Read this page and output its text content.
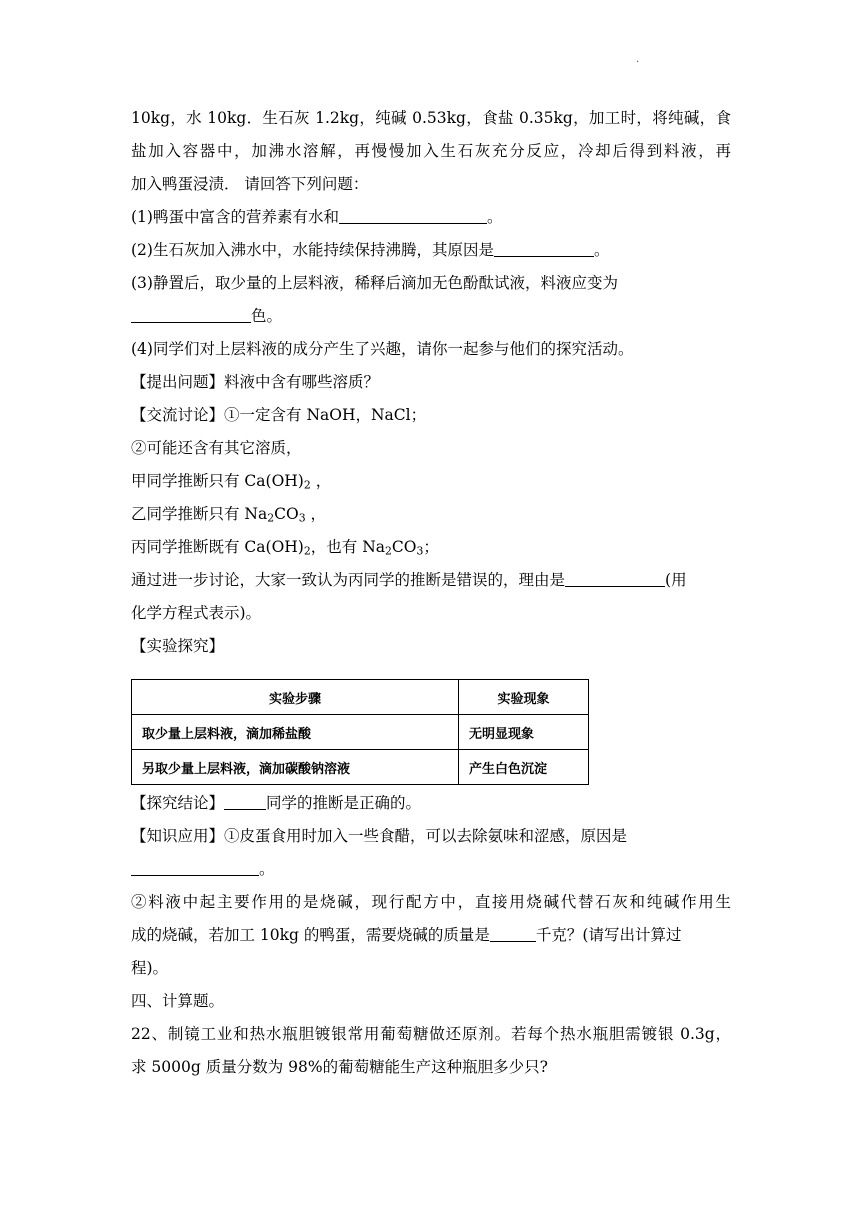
·

10kg，水 10kg．生石灰 1.2kg，纯碱 0.53kg，食盐 0.35kg，加工时，将纯碱，食

盐加入容器中，加沸水溶解，再慢慢加入生石灰充分反应，冷却后得到料液，再

加入鸭蛋浸渍． 请回答下列问题：

(1)鸭蛋中富含的营养素有水和	。

(2)生石灰加入沸水中，水能持续保持沸腾，其原因是	。

(3)静置后，取少量的上层料液，稀释后滴加无色酚酞试液，料液应变为

色。

(4)同学们对上层料液的成分产生了兴趣，请你一起参与他们的探究活动。

【提出问题】料液中含有哪些溶质？

【交流讨论】①一定含有 NaOH，NaCl；

②可能还含有其它溶质，

甲同学推断只有 $Ca(OH)_2$ ，

乙同学推断只有 $Na_2CO_3$ ，

丙同学推断既有 $Ca(OH)_2$，也有 $Na_2CO_3$；

通过进一步讨论，大家一致认为丙同学的推断是错误的，理由是	(用

化学方程式表示)。

【实验探究】

【探究结论】	同学的推断是正确的。

【知识应用】①皮蛋食用时加入一些食醋，可以去除氨味和涩感，原因是

。

②料液中起主要作用的是烧碱，现行配方中，直接用烧碱代替石灰和纯碱作用生

成的烧碱，若加工 10kg 的鸭蛋，需要烧碱的质量是	千克？(请写出计算过

程)。

四、计算题。

22、制镜工业和热水瓶胆镀银常用葡萄糖做还原剂。若每个热水瓶胆需镀银 0.3g，

求 5000g 质量分数为 98%的葡萄糖能生产这种瓶胆多少只?

实验步骤	实验现象
取少量上层料液，滴加稀盐酸	无明显现象
另取少量上层料液，滴加碳酸钠溶液	产生白色沉淀
